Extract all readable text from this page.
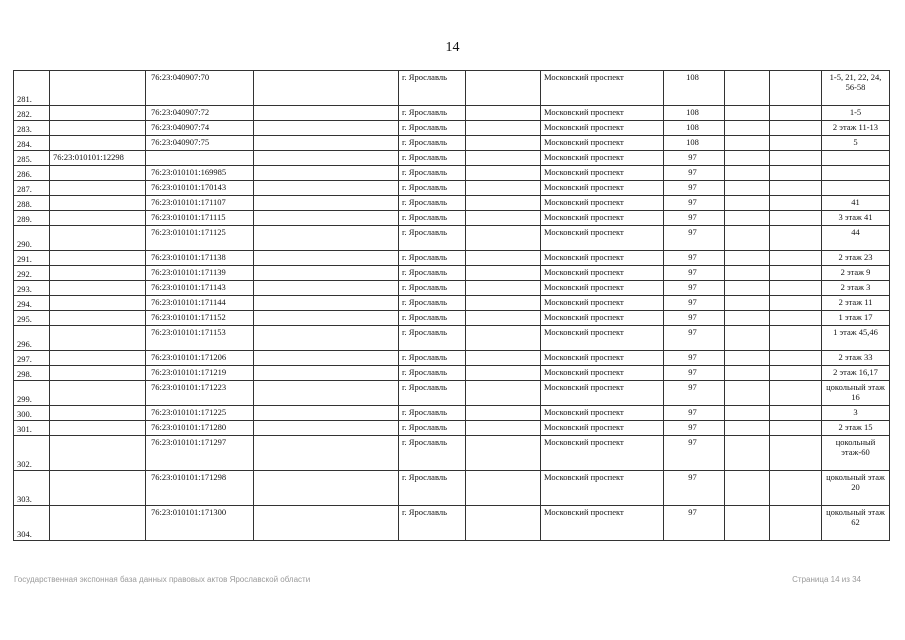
14
281.		76:23:040907:70		г. Ярославль		Московский проспект	108			1-5, 21, 22, 24, 56-58
282.		76:23:040907:72		г. Ярославль		Московский проспект	108			1-5
283.		76:23:040907:74		г. Ярославль		Московский проспект	108			2 этаж 11-13
284.		76:23:040907:75		г. Ярославль		Московский проспект	108			5
285.	76:23:010101:12298			г. Ярославль		Московский проспект	97			
286.		76:23:010101:169985		г. Ярославль		Московский проспект	97			
287.		76:23:010101:170143		г. Ярославль		Московский проспект	97			
288.		76:23:010101:171107		г. Ярославль		Московский проспект	97			41
289.		76:23:010101:171115		г. Ярославль		Московский проспект	97			3 этаж 41
290.		76:23:010101:171125		г. Ярославль		Московский проспект	97			44
291.		76:23:010101:171138		г. Ярославль		Московский проспект	97			2 этаж 23
292.		76:23:010101:171139		г. Ярославль		Московский проспект	97			2 этаж 9
293.		76:23:010101:171143		г. Ярославль		Московский проспект	97			2 этаж 3
294.		76:23:010101:171144		г. Ярославль		Московский проспект	97			2 этаж 11
295.		76:23:010101:171152		г. Ярославль		Московский проспект	97			1 этаж 17
296.		76:23:010101:171153		г. Ярославль		Московский проспект	97			1 этаж 45,46
297.		76:23:010101:171206		г. Ярославль		Московский проспект	97			2 этаж 33
298.		76:23:010101:171219		г. Ярославль		Московский проспект	97			2 этаж 16,17
299.		76:23:010101:171223		г. Ярославль		Московский проспект	97			цокольный этаж 16
300.		76:23:010101:171225		г. Ярославль		Московский проспект	97			3
301.		76:23:010101:171280		г. Ярославль		Московский проспект	97			2 этаж 15
302.		76:23:010101:171297		г. Ярославль		Московский проспект	97			цокольный этаж-60
303.		76:23:010101:171298		г. Ярославль		Московский проспект	97			цокольный этаж 20
304.		76:23:010101:171300		г. Ярославль		Московский проспект	97			цокольный этаж 62
Государственная экспонная база данных правовых актов Ярославской области	Страница 14 из 34
